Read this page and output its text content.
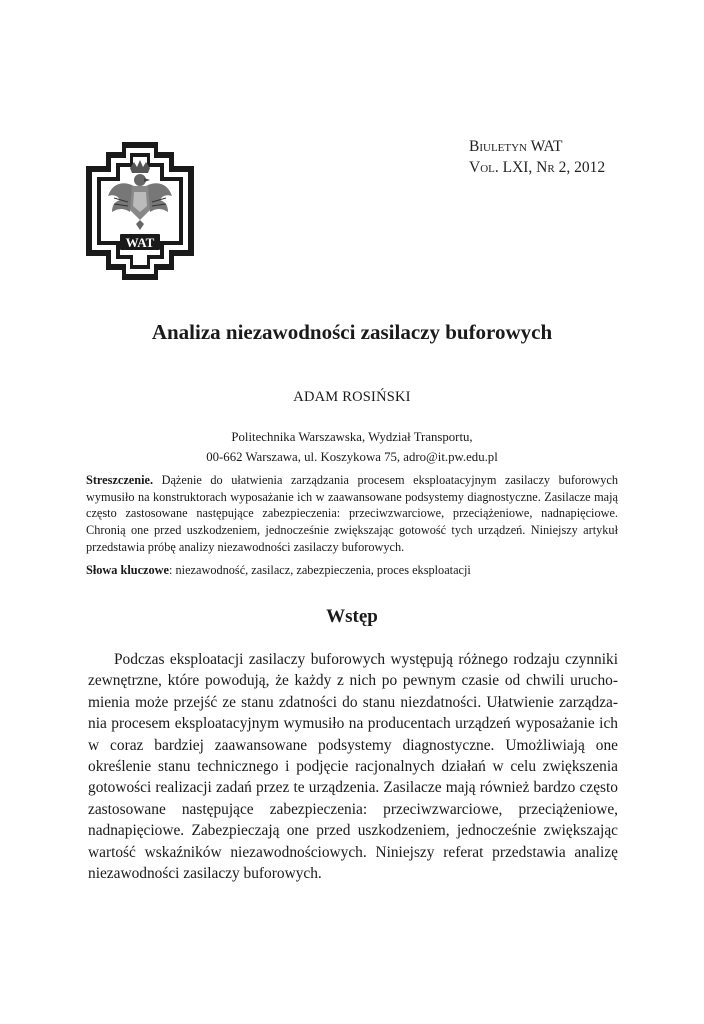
WAT
Biuletyn WAT
Vol. LXI, Nr 2, 2012
Analiza niezawodności zasilaczy buforowych
ADAM ROSIŃSKI
Politechnika Warszawska, Wydział Transportu,
00-662 Warszawa, ul. Koszykowa 75, adro@it.pw.edu.pl
Streszczenie. Dążenie do ułatwienia zarządzania procesem eksploatacyjnym zasilaczy buforowych wymusiło na konstruktorach wyposażanie ich w zaawansowane podsystemy diagnostyczne. Zasilacze mają często zastosowane następujące zabezpieczenia: przeciwzwarciowe, przeciążeniowe, nadnapięciowe. Chronią one przed uszkodzeniem, jednocześnie zwiększając gotowość tych urządzeń. Niniejszy artykuł przedstawia próbę analizy niezawodności zasilaczy buforowych.
Słowa kluczowe: niezawodność, zasilacz, zabezpieczenia, proces eksploatacji
Wstęp

Podczas eksploatacji zasilaczy buforowych występują różnego rodzaju czynniki zewnętrzne, które powodują, że każdy z nich po pewnym czasie od chwili uruchomienia może przejść ze stanu zdatności do stanu niezdatności. Ułatwienie zarządzania procesem eksploatacyjnym wymusiło na producentach urządzeń wyposażanie ich w coraz bardziej zaawansowane podsystemy diagnostyczne. Umożliwiają one określenie stanu technicznego i podjęcie racjonalnych działań w celu zwiększenia gotowości realizacji zadań przez te urządzenia. Zasilacze mają również bardzo często zastosowane następujące zabezpieczenia: przeciwzwarciowe, przeciążeniowe, nadnapięciowe. Zabezpieczają one przed uszkodzeniem, jednocześnie zwiększając wartość wskaźników niezawodnościowych. Niniejszy referat przedstawia analizę niezawodności zasilaczy buforowych.
